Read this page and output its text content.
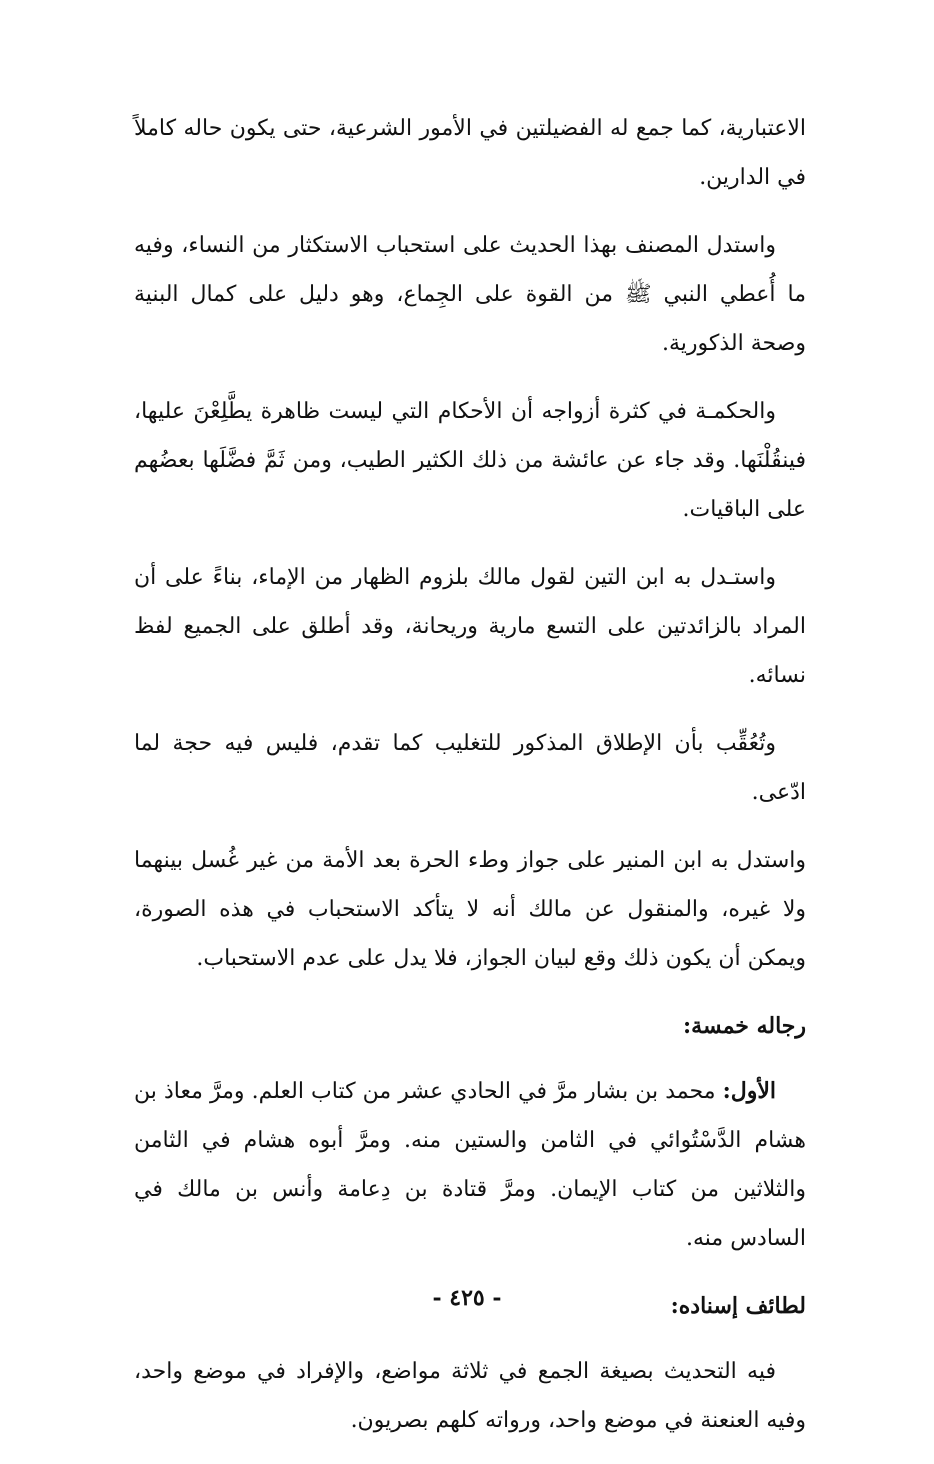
الاعتبارية، كما جمع له الفضيلتين في الأمور الشرعية، حتى يكون حاله كاملاً في الدارين.

واستدل المصنف بهذا الحديث على استحباب الاستكثار من النساء، وفيه ما أُعطي النبي ﷺ من القوة على الجِماع، وهو دليل على كمال البنية وصحة الذكورية.

والحكمـة في كثرة أزواجه أن الأحكام التي ليست ظاهرة يطَّلِعْنَ عليها، فينقُلْنَها. وقد جاء عن عائشة من ذلك الكثير الطيب، ومن ثَمَّ فضَّلَها بعضُهم على الباقيات.

واستـدل به ابن التين لقول مالك بلزوم الظهار من الإماء، بناءً على أن المراد بالزائدتين على التسع مارية وريحانة، وقد أطلق على الجميع لفظ نسائه.

وتُعُقِّب بأن الإطلاق المذكور للتغليب كما تقدم، فليس فيه حجة لما ادّعى.

واستدل به ابن المنير على جواز وطء الحرة بعد الأمة من غير غُسل بينهما ولا غيره، والمنقول عن مالك أنه لا يتأكد الاستحباب في هذه الصورة، ويمكن أن يكون ذلك وقع لبيان الجواز، فلا يدل على عدم الاستحباب.

رجاله خمسة:

الأول: محمد بن بشار مرَّ في الحادي عشر من كتاب العلم. ومرَّ معاذ بن هشام الدَّسْتُوائي في الثامن والستين منه. ومرَّ أبوه هشام في الثامن والثلاثين من كتاب الإيمان. ومرَّ قتادة بن دِعامة وأنس بن مالك في السادس منه.

لطائف إسناده:

فيه التحديث بصيغة الجمع في ثلاثة مواضع، والإفراد في موضع واحد، وفيه العنعنة في موضع واحد، ورواته كلهم بصريون.

- ٤٢٥ -
